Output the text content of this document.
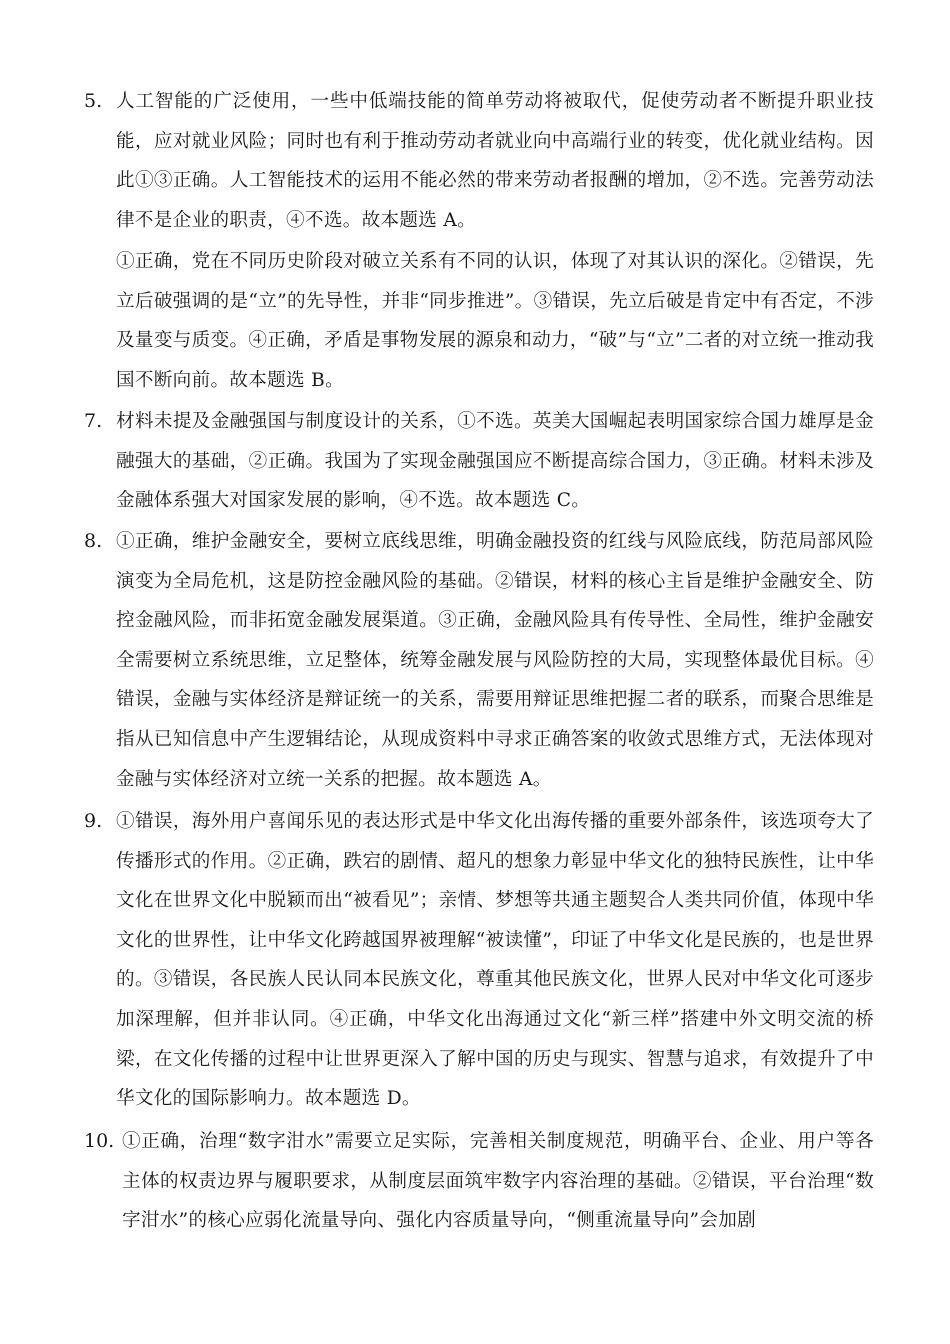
5. 人工智能的广泛使用，一些中低端技能的简单劳动将被取代，促使劳动者不断提升职业技能，应对就业风险；同时也有利于推动劳动者就业向中高端行业的转变，优化就业结构。因此①③正确。人工智能技术的运用不能必然的带来劳动者报酬的增加，②不选。完善劳动法律不是企业的职责，④不选。故本题选 A。
①正确，党在不同历史阶段对破立关系有不同的认识，体现了对其认识的深化。②错误，先立后破强调的是“立”的先导性，并非“同步推进”。③错误，先立后破是肯定中有否定，不涉及量变与质变。④正确，矛盾是事物发展的源泉和动力，“破”与“立”二者的对立统一推动我国不断向前。故本题选 B。
7. 材料未提及金融强国与制度设计的关系，①不选。英美大国崛起表明国家综合国力雄厚是金融强大的基础，②正确。我国为了实现金融强国应不断提高综合国力，③正确。材料未涉及金融体系强大对国家发展的影响，④不选。故本题选 C。
8. ①正确，维护金融安全，要树立底线思维，明确金融投资的红线与风险底线，防范局部风险演变为全局危机，这是防控金融风险的基础。②错误，材料的核心主旨是维护金融安全、防控金融风险，而非拓宽金融发展渠道。③正确，金融风险具有传导性、全局性，维护金融安全需要树立系统思维，立足整体，统筹金融发展与风险防控的大局，实现整体最优目标。④错误，金融与实体经济是辩证统一的关系，需要用辩证思维把握二者的联系，而聚合思维是指从已知信息中产生逻辑结论，从现成资料中寻求正确答案的收敛式思维方式，无法体现对金融与实体经济对立统一关系的把握。故本题选 A。
9. ①错误，海外用户喜闻乐见的表达形式是中华文化出海传播的重要外部条件，该选项夸大了传播形式的作用。②正确，跌宕的剧情、超凡的想象力彰显中华文化的独特民族性，让中华文化在世界文化中脱颖而出“被看见”；亲情、梦想等共通主题契合人类共同价值，体现中华文化的世界性，让中华文化跨越国界被理解“被读懂”，印证了中华文化是民族的，也是世界的。③错误，各民族人民认同本民族文化，尊重其他民族文化，世界人民对中华文化可逐步加深理解，但并非认同。④正确，中华文化出海通过文化“新三样”搭建中外文明交流的桥梁，在文化传播的过程中让世界更深入了解中国的历史与现实、智慧与追求，有效提升了中华文化的国际影响力。故本题选 D。
10. ①正确，治理“数字泔水”需要立足实际，完善相关制度规范，明确平台、企业、用户等各主体的权责边界与履职要求，从制度层面筑牢数字内容治理的基础。②错误，平台治理“数字泔水”的核心应弱化流量导向、强化内容质量导向，“侧重流量导向”会加剧
